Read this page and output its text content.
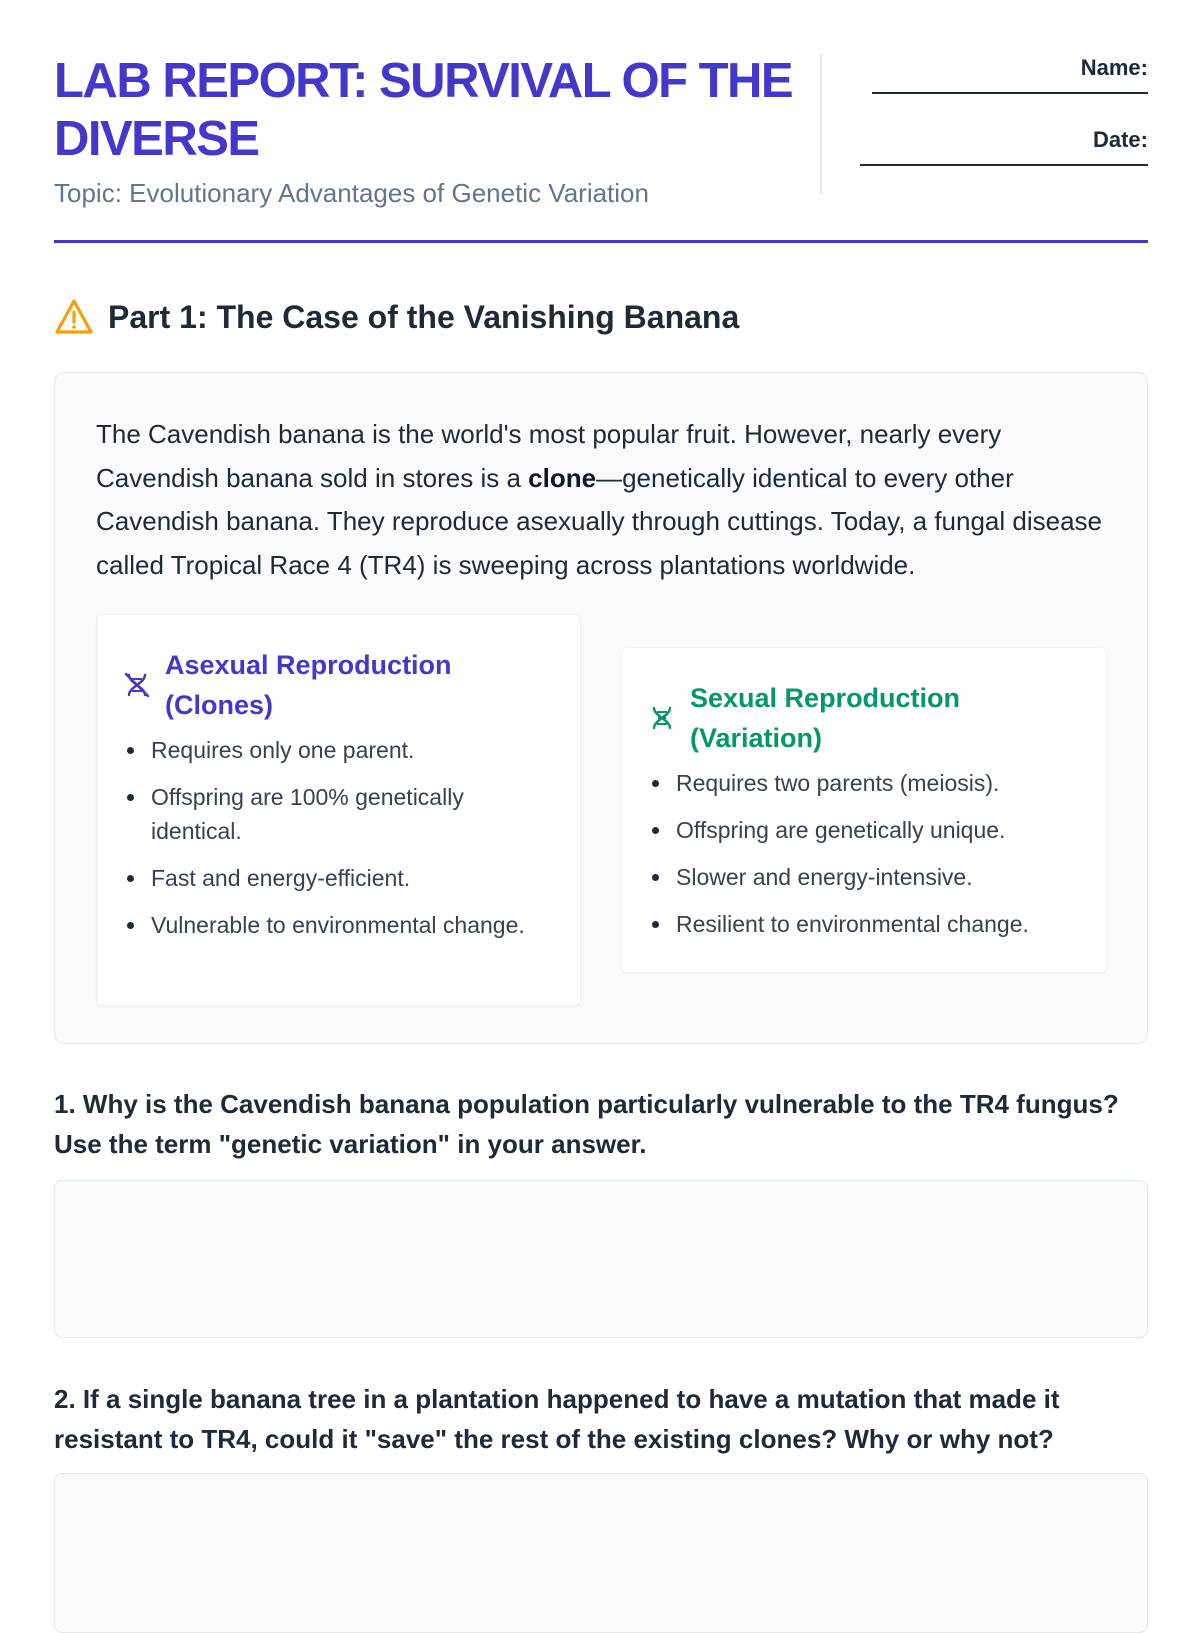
LAB REPORT: SURVIVAL OF THE DIVERSE
Topic: Evolutionary Advantages of Genetic Variation
Name:
Date:
Part 1: The Case of the Vanishing Banana

The Cavendish banana is the world's most popular fruit. However, nearly every Cavendish banana sold in stores is a clone—genetically identical to every other Cavendish banana. They reproduce asexually through cuttings. Today, a fungal disease called Tropical Race 4 (TR4) is sweeping across plantations worldwide.

Asexual Reproduction (Clones)
Requires only one parent.
Offspring are 100% genetically identical.
Fast and energy-efficient.
Vulnerable to environmental change.
Sexual Reproduction (Variation)
Requires two parents (meiosis).
Offspring are genetically unique.
Slower and energy-intensive.
Resilient to environmental change.

1. Why is the Cavendish banana population particularly vulnerable to the TR4 fungus? Use the term "genetic variation" in your answer.

2. If a single banana tree in a plantation happened to have a mutation that made it resistant to TR4, could it "save" the rest of the existing clones? Why or why not?
